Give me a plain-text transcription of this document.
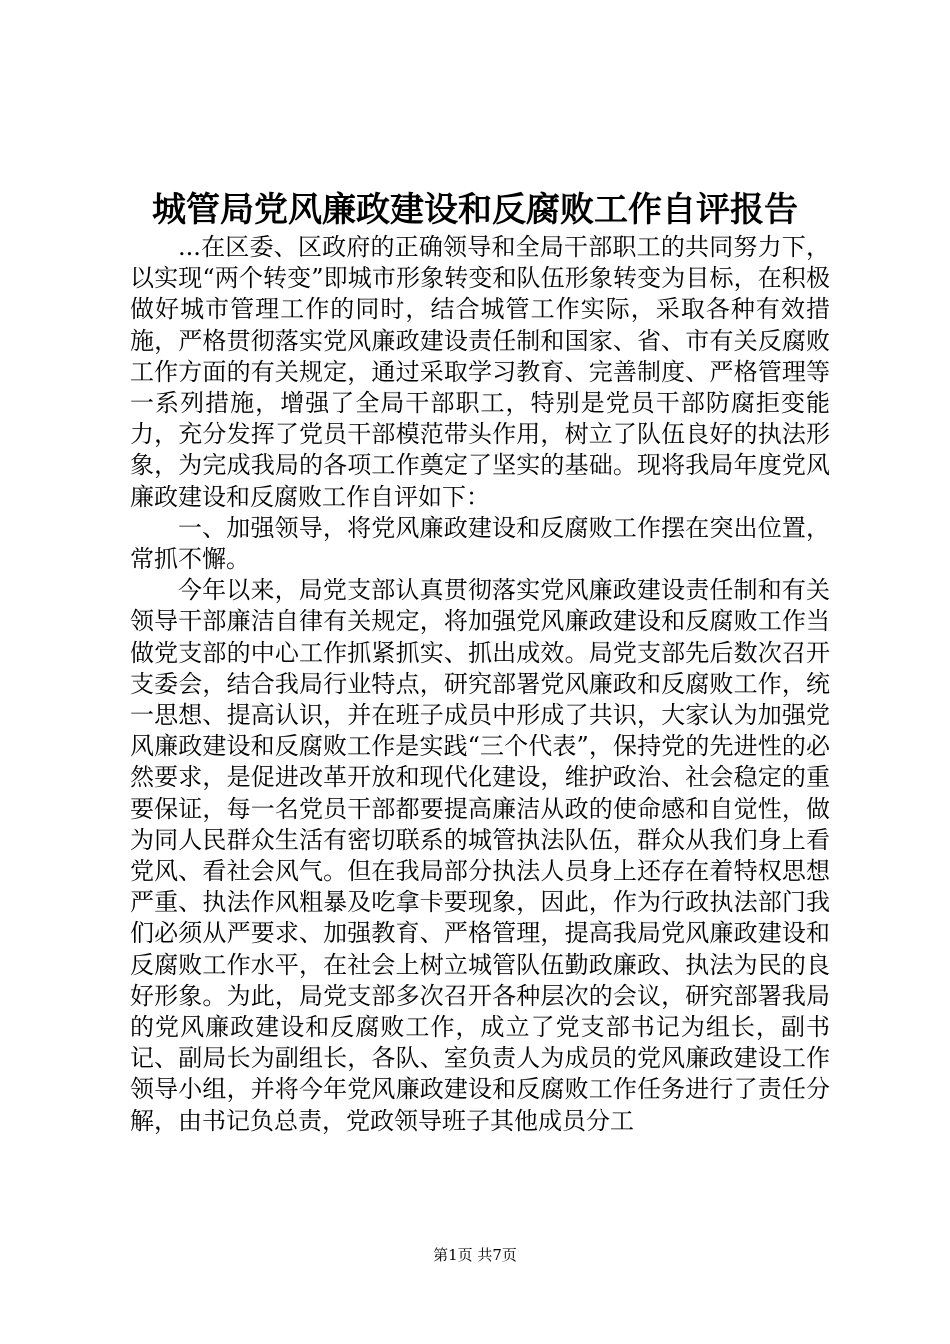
城管局党风廉政建设和反腐败工作自评报告

...在区委、区政府的正确领导和全局干部职工的共同努力下，以实现“两个转变”即城市形象转变和队伍形象转变为目标，在积极做好城市管理工作的同时，结合城管工作实际，采取各种有效措施，严格贯彻落实党风廉政建设责任制和国家、省、市有关反腐败工作方面的有关规定，通过采取学习教育、完善制度、严格管理等一系列措施，增强了全局干部职工，特别是党员干部防腐拒变能力，充分发挥了党员干部模范带头作用，树立了队伍良好的执法形象，为完成我局的各项工作奠定了坚实的基础。现将我局年度党风廉政建设和反腐败工作自评如下：

一、加强领导，将党风廉政建设和反腐败工作摆在突出位置，常抓不懈。

今年以来，局党支部认真贯彻落实党风廉政建设责任制和有关领导干部廉洁自律有关规定，将加强党风廉政建设和反腐败工作当做党支部的中心工作抓紧抓实、抓出成效。局党支部先后数次召开支委会，结合我局行业特点，研究部署党风廉政和反腐败工作，统一思想、提高认识，并在班子成员中形成了共识，大家认为加强党风廉政建设和反腐败工作是实践“三个代表”，保持党的先进性的必然要求，是促进改革开放和现代化建设，维护政治、社会稳定的重要保证，每一名党员干部都要提高廉洁从政的使命感和自觉性，做为同人民群众生活有密切联系的城管执法队伍，群众从我们身上看党风、看社会风气。但在我局部分执法人员身上还存在着特权思想严重、执法作风粗暴及吃拿卡要现象，因此，作为行政执法部门我们必须从严要求、加强教育、严格管理，提高我局党风廉政建设和反腐败工作水平，在社会上树立城管队伍勤政廉政、执法为民的良好形象。为此，局党支部多次召开各种层次的会议，研究部署我局的党风廉政建设和反腐败工作，成立了党支部书记为组长，副书记、副局长为副组长，各队、室负责人为成员的党风廉政建设工作领导小组，并将今年党风廉政建设和反腐败工作任务进行了责任分解，由书记负总责，党政领导班子其他成员分工

第1页 共7页
